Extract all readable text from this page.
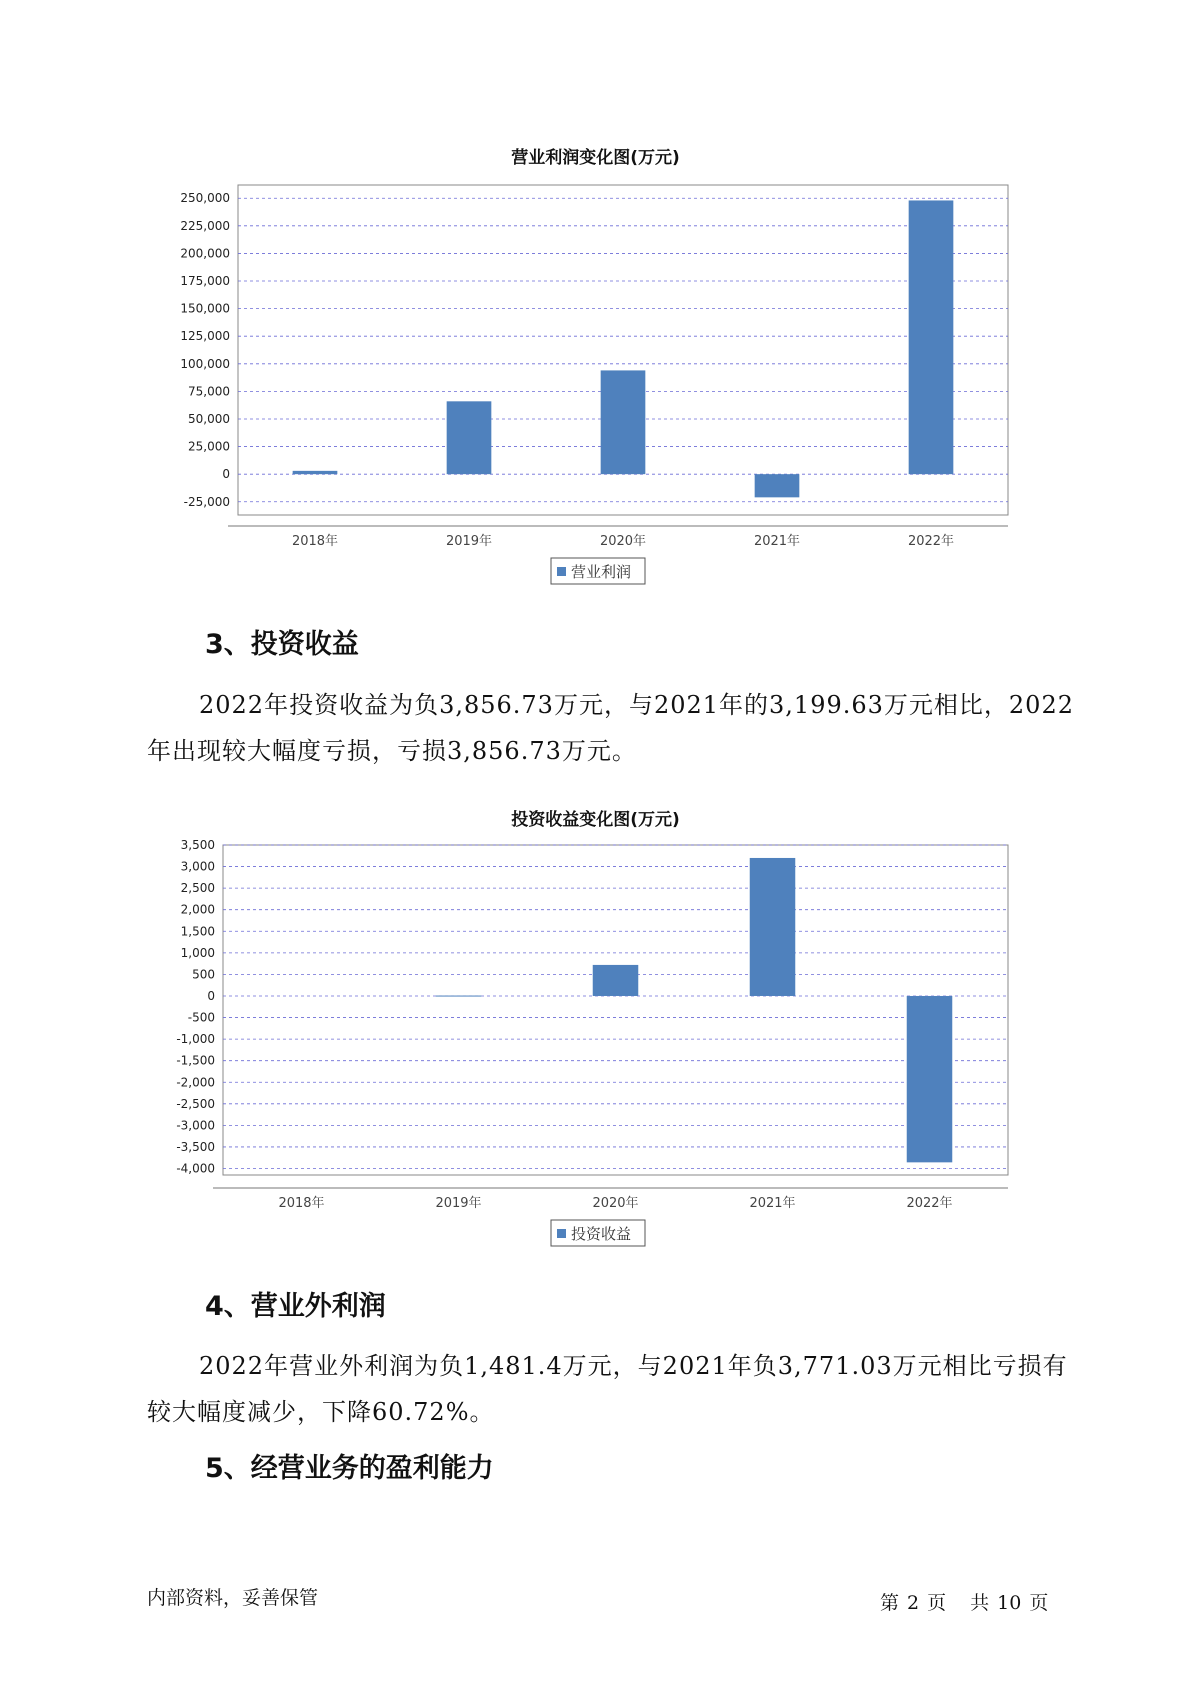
营业利润变化图(万元)
250,000
225,000
200,000
175,000
150,000
125,000
100,000
75,000
50,000
25,000
0
-25,000
2018年	2019年	2020年	2021年	2022年
营业利润
3、投资收益
2022年投资收益为负3,856.73万元，与2021年的3,199.63万元相比，2022年出现较大幅度亏损，亏损3,856.73万元。
投资收益变化图(万元)
3,500
3,000
2,500
2,000
1,500
1,000
500
0
-500
-1,000
-1,500
-2,000
-2,500
-3,000
-3,500
-4,000
2018年	2019年	2020年	2021年	2022年
投资收益
4、营业外利润
2022年营业外利润为负1,481.4万元，与2021年负3,771.03万元相比亏损有较大幅度减少，下降60.72%。
5、经营业务的盈利能力
内部资料，妥善保管	第 2 页 共 10 页
